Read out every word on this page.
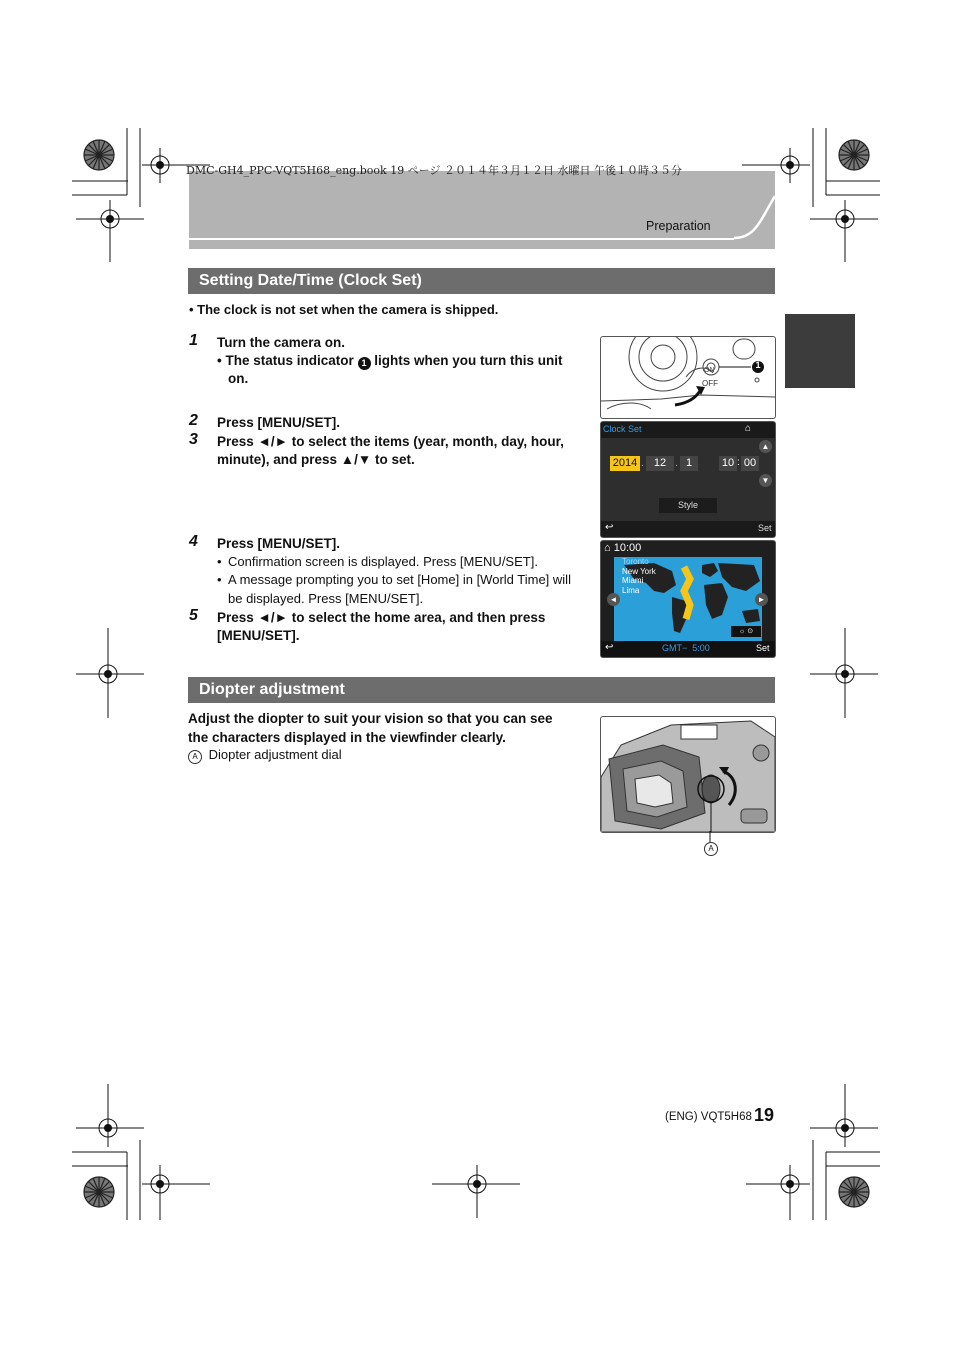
DMC-GH4_PPC-VQT5H68_eng.book 19 ページ ２０１４年３月１２日 水曜日 午後１０時３５分
Preparation
Setting Date/Time (Clock Set)
• The clock is not set when the camera is shipped.
1 Turn the camera on.
• The status indicator 1 lights when you turn this unit
on.
2 Press [MENU/SET].
3 Press ◄/► to select the items (year, month, day, hour,
minute), and press ▲/▼ to set.
4 Press [MENU/SET].
• Confirmation screen is displayed. Press [MENU/SET].
• A message prompting you to set [Home] in [World Time] will
be displayed. Press [MENU/SET].
5 Press ◄/► to select the home area, and then press
[MENU/SET].
ON
OFF
1
Clock Set	⌂
▲
▼
2014 . 12 . 1	10 : 00
Style
↩	Set
⌂ 10:00
Toronto
New York
Miami
Lima
◄	►
☼ ⊙
↩	GMT−  5:00	Set
Diopter adjustment
Adjust the diopter to suit your vision so that you can see
the characters displayed in the viewfinder clearly.
A Diopter adjustment dial
A
(ENG) VQT5H68 19
